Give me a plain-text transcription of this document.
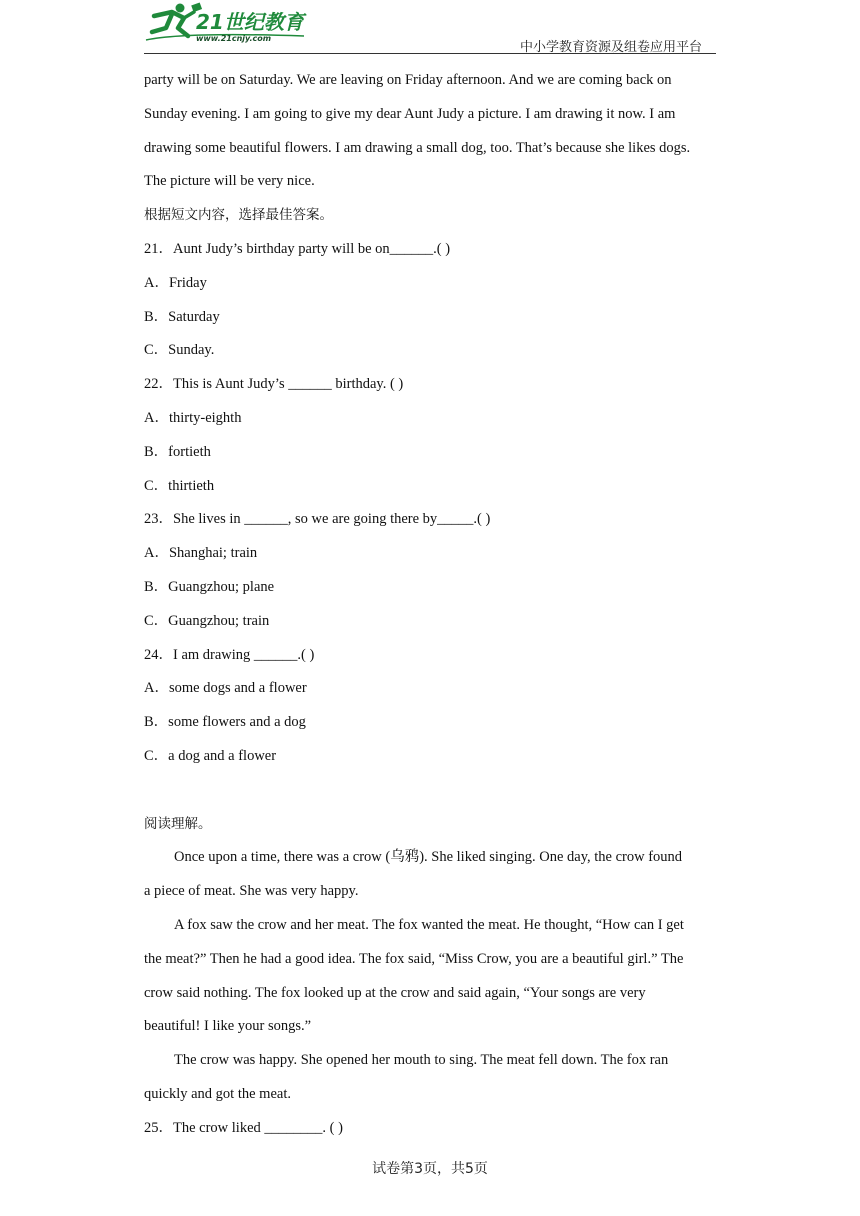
21世纪教育
www.21cnjy.com
中小学教育资源及组卷应用平台
party will be on Saturday. We are leaving on Friday afternoon. And we are coming back on
Sunday evening. I am going to give my dear Aunt Judy a picture. I am drawing it now. I am
drawing some beautiful flowers. I am drawing a small dog, too. That’s because she likes dogs.
The picture will be very nice.
根据短文内容，选择最佳答案。
21．Aunt Judy’s birthday party will be on______.( )
A．Friday
B．Saturday
C．Sunday.
22．This is Aunt Judy’s ______ birthday. ( )
A．thirty-eighth
B．fortieth
C．thirtieth
23．She lives in ______, so we are going there by_____.( )
A．Shanghai; train
B．Guangzhou; plane
C．Guangzhou; train
24．I am drawing ______.( )
A．some dogs and a flower
B．some flowers and a dog
C．a dog and a flower
阅读理解。
Once upon a time, there was a crow (乌鸦). She liked singing. One day, the crow found
a piece of meat. She was very happy.
A fox saw the crow and her meat. The fox wanted the meat. He thought, “How can I get
the meat?” Then he had a good idea. The fox said, “Miss Crow, you are a beautiful girl.” The
crow said nothing. The fox looked up at the crow and said again, “Your songs are very
beautiful! I like your songs.”
The crow was happy. She opened her mouth to sing. The meat fell down. The fox ran
quickly and got the meat.
25．The crow liked ________. ( )
试卷第3页，共5页
